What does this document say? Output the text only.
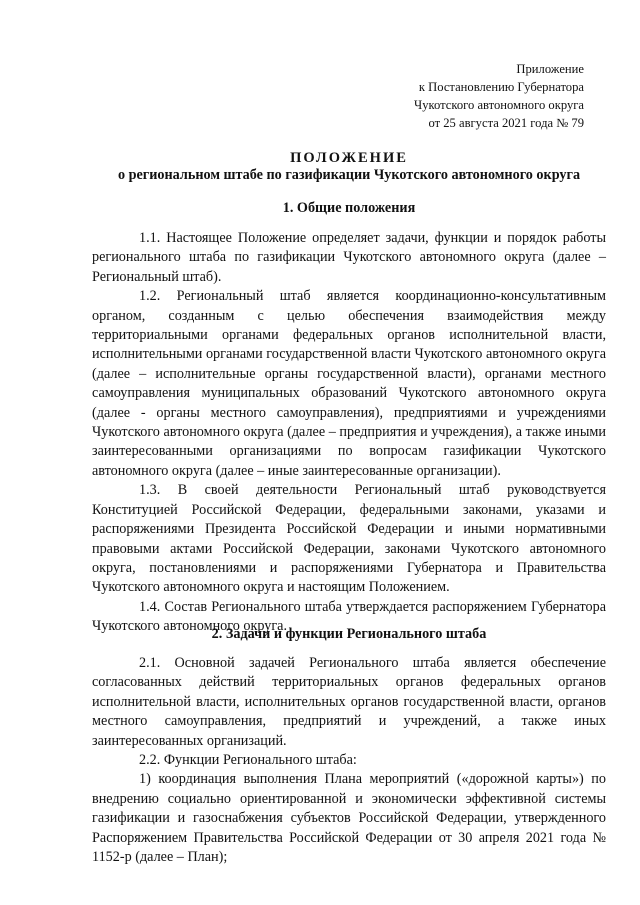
Приложение
к Постановлению Губернатора
Чукотского автономного округа
от 25 августа 2021 года № 79
ПОЛОЖЕНИЕ
о региональном штабе по газификации Чукотского автономного округа
1. Общие положения

1.1. Настоящее Положение определяет задачи, функции и порядок работы регионального штаба по газификации Чукотского автономного округа (далее – Региональный штаб).

1.2. Региональный штаб является координационно-консультативным органом, созданным с целью обеспечения взаимодействия между территориальными органами федеральных органов исполнительной власти, исполнительными органами государственной власти Чукотского автономного округа (далее – исполнительные органы государственной власти), органами местного самоуправления муниципальных образований Чукотского автономного округа (далее - органы местного самоуправления), предприятиями и учреждениями Чукотского автономного округа (далее – предприятия и учреждения), а также иными заинтересованными организациями по вопросам газификации Чукотского автономного округа (далее – иные заинтересованные организации).

1.3. В своей деятельности Региональный штаб руководствуется Конституцией Российской Федерации, федеральными законами, указами и распоряжениями Президента Российской Федерации и иными нормативными правовыми актами Российской Федерации, законами Чукотского автономного округа, постановлениями и распоряжениями Губернатора и Правительства Чукотского автономного округа и настоящим Положением.

1.4. Состав Регионального штаба утверждается распоряжением Губернатора Чукотского автономного округа.

2. Задачи и функции Регионального штаба

2.1. Основной задачей Регионального штаба является обеспечение согласованных действий территориальных органов федеральных органов исполнительной власти, исполнительных органов государственной власти, органов местного самоуправления, предприятий и учреждений, а также иных заинтересованных организаций.

2.2. Функции Регионального штаба:

1) координация выполнения Плана мероприятий («дорожной карты») по внедрению социально ориентированной и экономически эффективной системы газификации и газоснабжения субъектов Российской Федерации, утвержденного Распоряжением Правительства Российской Федерации от 30 апреля 2021 года № 1152-р (далее – План);
